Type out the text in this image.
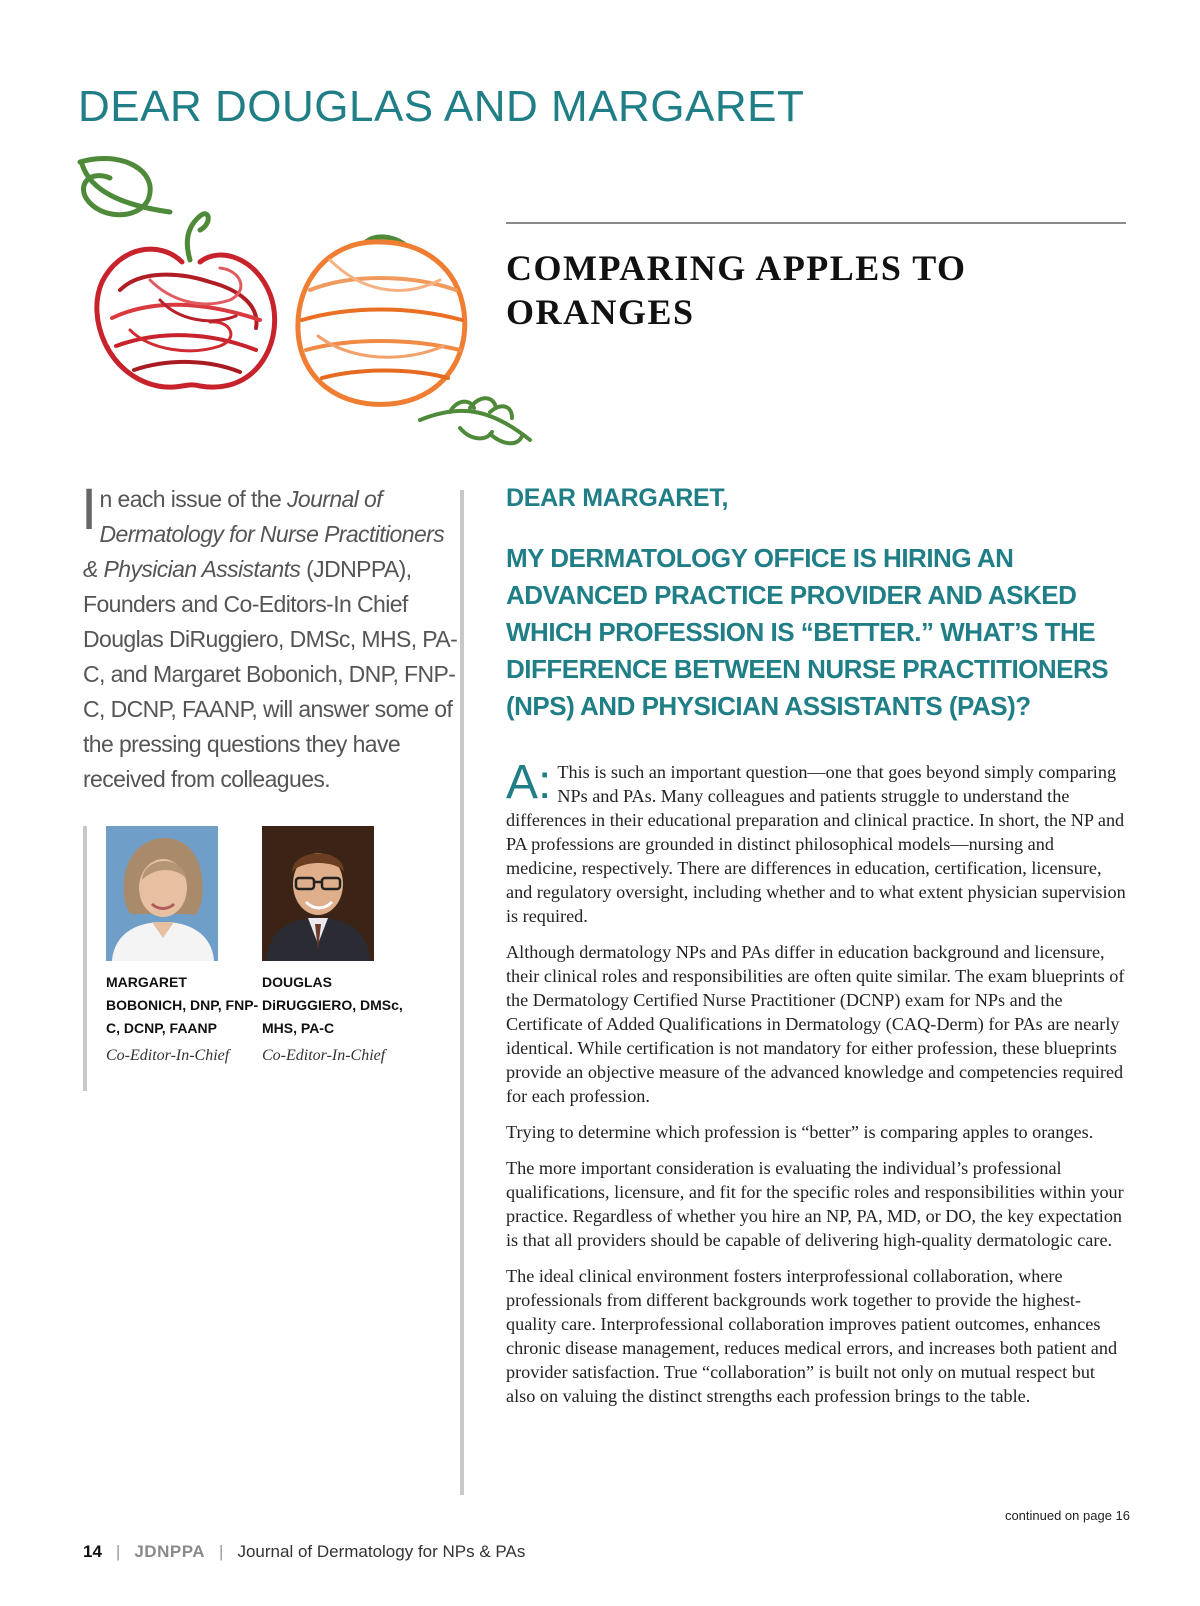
DEAR DOUGLAS AND MARGARET
COMPARING APPLES TO ORANGES
In each issue of the Journal of Dermatology for Nurse Practitioners & Physician Assistants (JDNPPA), Founders and Co-Editors-In Chief Douglas DiRuggiero, DMSc, MHS, PA-C, and Margaret Bobonich, DNP, FNP-C, DCNP, FAANP, will answer some of the pressing questions they have received from colleagues.
MARGARET BOBONICH, DNP, FNP-C, DCNP, FAANP
Co-Editor-In-Chief
DOUGLAS DiRUGGIERO, DMSc, MHS, PA-C
Co-Editor-In-Chief
DEAR MARGARET,
MY DERMATOLOGY OFFICE IS HIRING AN ADVANCED PRACTICE PROVIDER AND ASKED WHICH PROFESSION IS “BETTER.” WHAT’S THE DIFFERENCE BETWEEN NURSE PRACTITIONERS (NPS) AND PHYSICIAN ASSISTANTS (PAS)?

A: This is such an important question—one that goes beyond simply comparing NPs and PAs. Many colleagues and patients struggle to understand the differences in their educational preparation and clinical practice. In short, the NP and PA professions are grounded in distinct philosophical models—nursing and medicine, respectively. There are differences in education, certification, licensure, and regulatory oversight, including whether and to what extent physician supervision is required.

Although dermatology NPs and PAs differ in education background and licensure, their clinical roles and responsibilities are often quite similar. The exam blueprints of the Dermatology Certified Nurse Practitioner (DCNP) exam for NPs and the Certificate of Added Qualifications in Dermatology (CAQ-Derm) for PAs are nearly identical. While certification is not mandatory for either profession, these blueprints provide an objective measure of the advanced knowledge and competencies required for each profession.

Trying to determine which profession is “better” is comparing apples to oranges.

The more important consideration is evaluating the individual’s professional qualifications, licensure, and fit for the specific roles and responsibilities within your practice. Regardless of whether you hire an NP, PA, MD, or DO, the key expectation is that all providers should be capable of delivering high-quality dermatologic care.

The ideal clinical environment fosters interprofessional collaboration, where professionals from different backgrounds work together to provide the highest-quality care. Interprofessional collaboration improves patient outcomes, enhances chronic disease management, reduces medical errors, and increases both patient and provider satisfaction. True “collaboration” is built not only on mutual respect but also on valuing the distinct strengths each profession brings to the table.

continued on page 16
14 | JDNPPA | Journal of Dermatology for NPs & PAs
